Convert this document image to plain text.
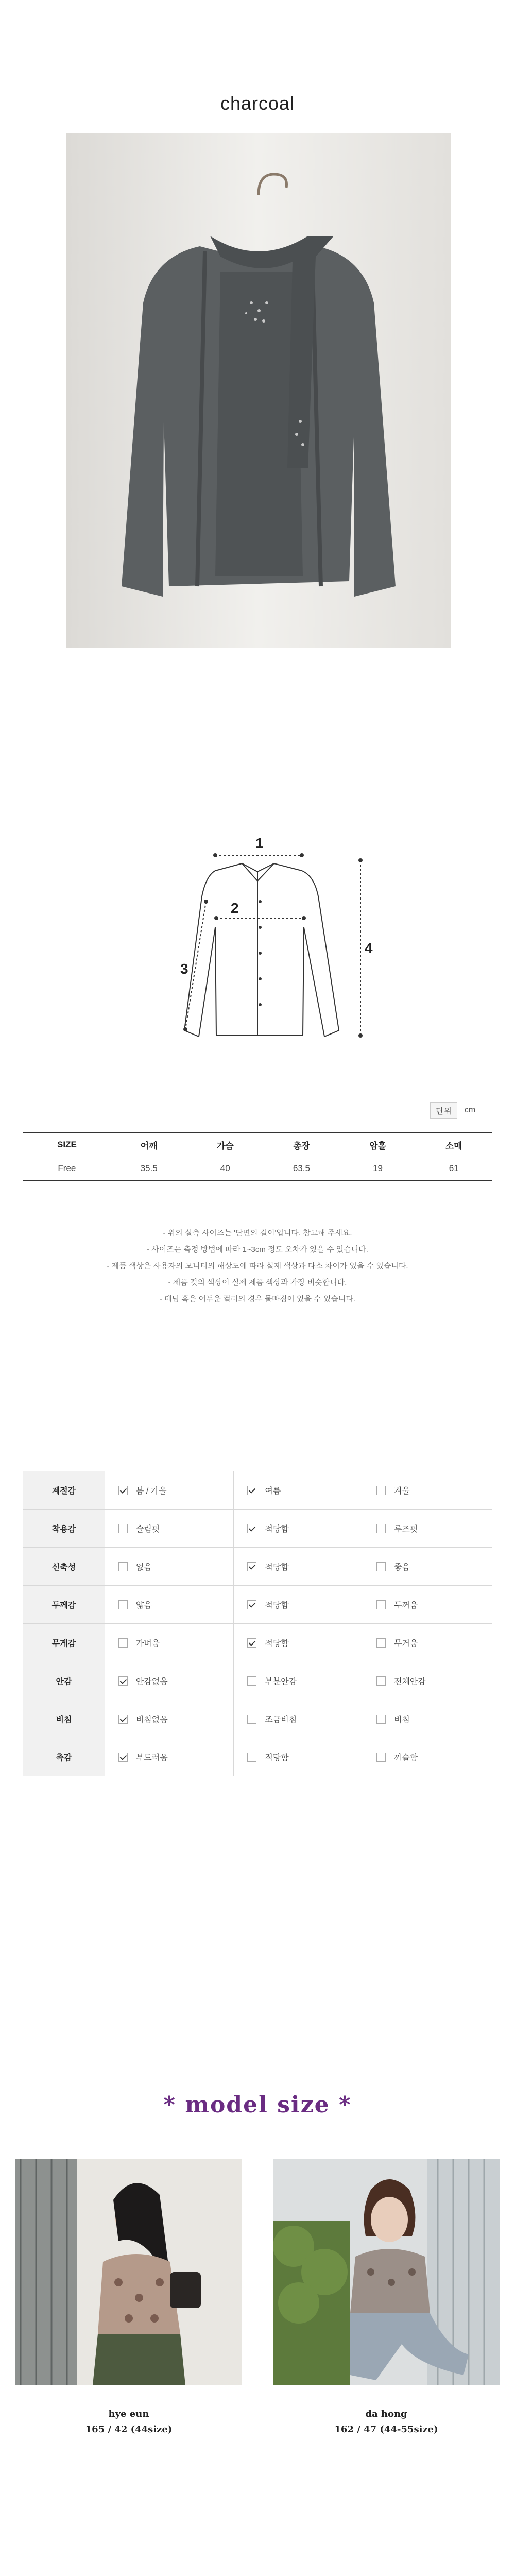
charcoal
1
2
3
4
단위	cm
SIZE	어깨	가슴	총장	암홀	소매
Free	35.5	40	63.5	19	61
- 위의 실측 사이즈는 '단면의 길이'입니다. 참고해 주세요.
- 사이즈는 측정 방법에 따라 1~3cm 정도 오차가 있을 수 있습니다.
- 제품 색상은 사용자의 모니터의 해상도에 따라 실제 색상과 다소 차이가 있을 수 있습니다.
- 제품 컷의 색상이 실제 제품 색상과 가장 비슷합니다.
- 데님 혹은 어두운 컬러의 경우 물빠짐이 있을 수 있습니다.
계절감	봄 / 가을	여름	겨울

착용감	슬림핏	적당함	루즈핏

신축성	없음	적당함	좋음

두께감	얇음	적당함	두꺼움

무게감	가벼움	적당함	무거움

안감	안감없음	부분안감	전체안감

비침	비침없음	조금비침	비침

촉감	부드러움	적당함	까슬함
* model size *
hye eun
165 / 42 (44size)
da hong
162 / 47 (44-55size)
